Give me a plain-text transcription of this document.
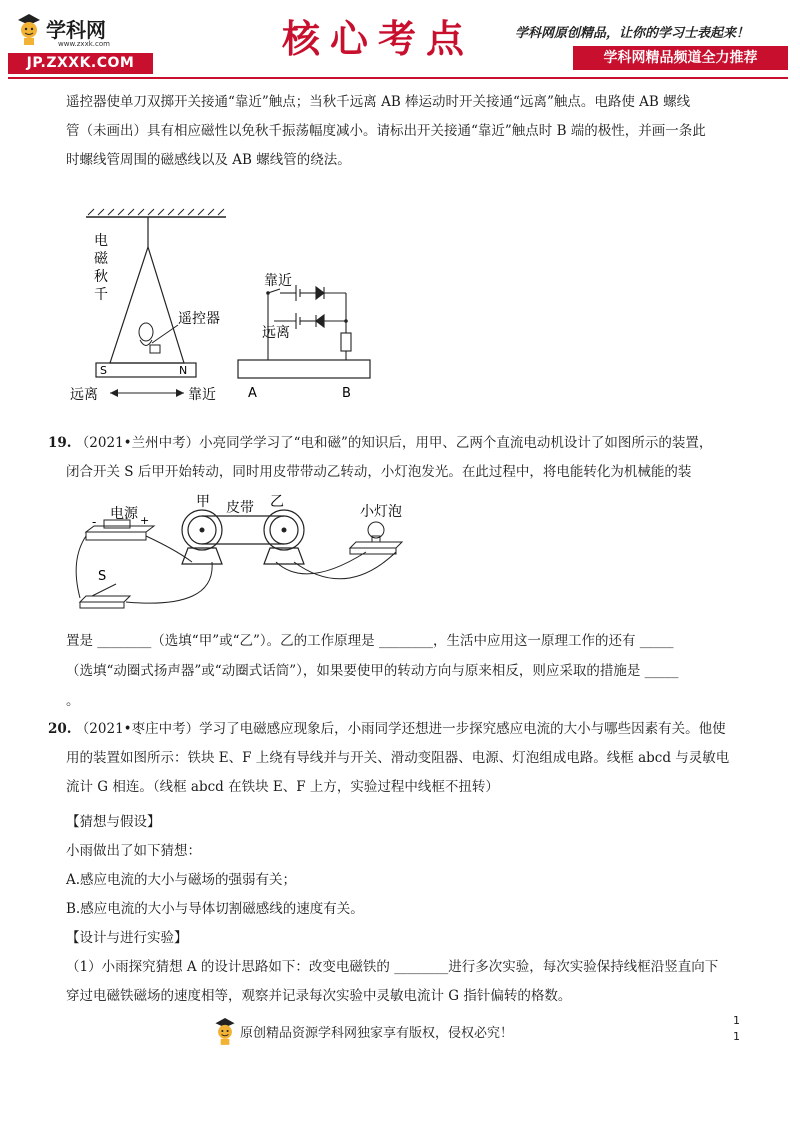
学科网
www.zxxk.com
JP.ZXXK.COM
核心考点	学科网原创精品，让你的学习士表起来！
学科网精品频道全力推荐
遥控器使单刀双掷开关接通“靠近”触点；当秋千远离 AB 棒运动时开关接通“远离”触点。电路使 AB 螺线
管（未画出）具有相应磁性以免秋千振荡幅度减小。请标出开关接通“靠近”触点时 B 端的极性，并画一条此
时螺线管周围的磁感线以及 AB 螺线管的绕法。
电
磁
秋
千
遥控器
S	N
远离	靠近
靠近
远离
A	B
19. （2021•兰州中考）小亮同学学习了“电和磁”的知识后，用甲、乙两个直流电动机设计了如图所示的装置，
闭合开关 S 后甲开始转动，同时用皮带带动乙转动，小灯泡发光。在此过程中，将电能转化为机械能的装
电源
-	+
甲 皮带 乙
小灯泡
S
置是 ________（选填“甲”或“乙”）。乙的工作原理是 ________，生活中应用这一原理工作的还有 _____
（选填“动圈式扬声器”或“动圈式话筒”），如果要使甲的转动方向与原来相反，则应采取的措施是 _____
。
20. （2021•枣庄中考）学习了电磁感应现象后，小雨同学还想进一步探究感应电流的大小与哪些因素有关。他使
用的装置如图所示：铁块 E、F 上绕有导线并与开关、滑动变阻器、电源、灯泡组成电路。线框 abcd 与灵敏电
流计 G 相连。（线框 abcd 在铁块 E、F 上方，实验过程中线框不扭转）
【猜想与假设】
小雨做出了如下猜想：
A.感应电流的大小与磁场的强弱有关；
B.感应电流的大小与导体切割磁感线的速度有关。
【设计与进行实验】
（1）小雨探究猜想 A 的设计思路如下：改变电磁铁的 ________进行多次实验，每次实验保持线框沿竖直向下
穿过电磁铁磁场的速度相等，观察并记录每次实验中灵敏电流计 G 指针偏转的格数。
原创精品资源学科网独家享有版权，侵权必究！
1
1
